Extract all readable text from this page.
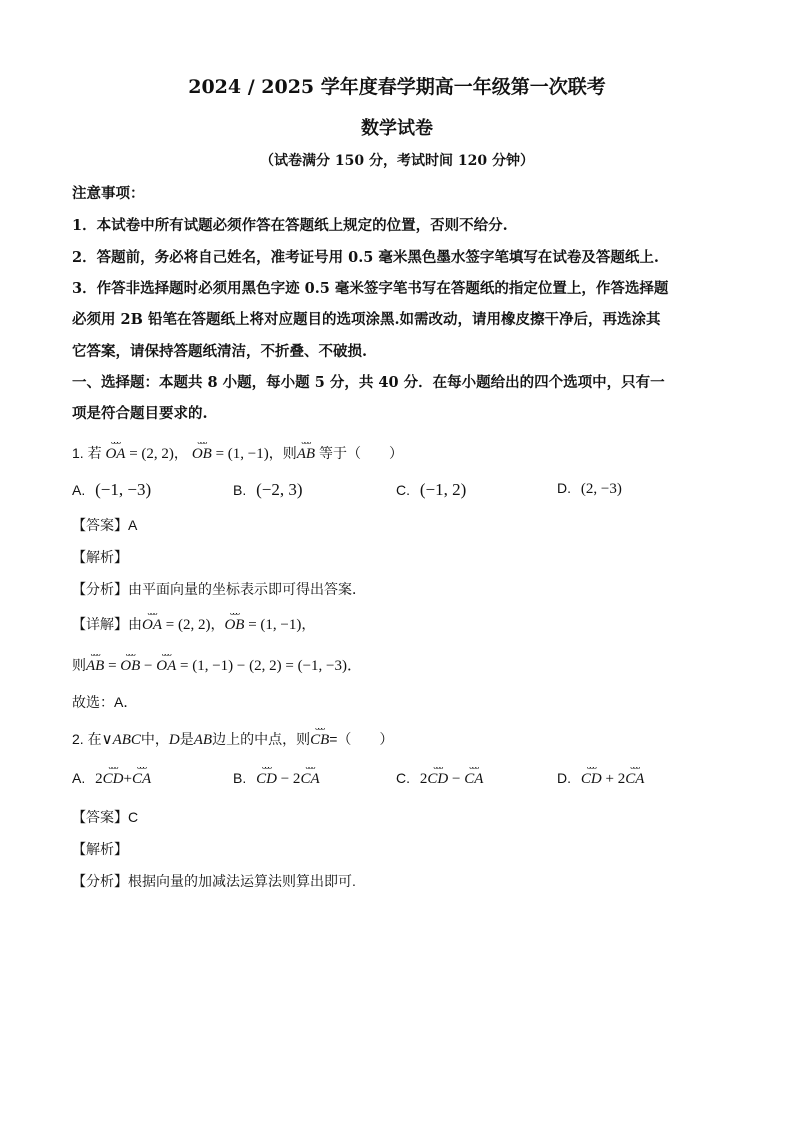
2024 / 2025 学年度春学期高一年级第一次联考
数学试卷
（试卷满分 150 分，考试时间 120 分钟）
注意事项：
1．本试卷中所有试题必须作答在答题纸上规定的位置，否则不给分.
2．答题前，务必将自己姓名，准考证号用 0.5 毫米黑色墨水签字笔填写在试卷及答题纸上.
3．作答非选择题时必须用黑色字迹 0.5 毫米签字笔书写在答题纸的指定位置上，作答选择题
必须用 2B 铅笔在答题纸上将对应题目的选项涂黑.如需改动，请用橡皮擦干净后，再选涂其
它答案，请保持答题纸清洁，不折叠、不破损.
一、选择题：本题共 8 小题，每小题 5 分，共 40 分．在每小题给出的四个选项中，只有一
项是符合题目要求的.
1. 若 ᴗᴗᴗ OA = (2, 2)， ᴗᴗᴗ OB = (1, −1)，则ᴗᴗᴗ AB 等于（　　）
A. (−1, −3)	B. (−2, 3)	C. (−1, 2)	D. (2, −3)
【答案】A
【解析】
【分析】由平面向量的坐标表示即可得出答案．
【详解】由ᴗᴗᴗ OA = (2, 2)，ᴗᴗᴗ OB = (1, −1)，
则ᴗᴗᴗ AB = ᴗᴗᴗ OB − ᴗᴗᴗ OA = (1, −1) − (2, 2) = (−1, −3)．
故选：A．
2. 在∨ABC中，D是AB边上的中点，则ᴗᴗᴗ CB=（　　）
A. 2ᴗᴗᴗ CD+ᴗᴗᴗ CA	B. ᴗᴗᴗ CD − 2ᴗᴗᴗ CA	C. 2ᴗᴗᴗ CD − ᴗᴗᴗ CA	D. ᴗᴗᴗ CD + 2ᴗᴗᴗ CA
【答案】C
【解析】
【分析】根据向量的加减法运算法则算出即可.
